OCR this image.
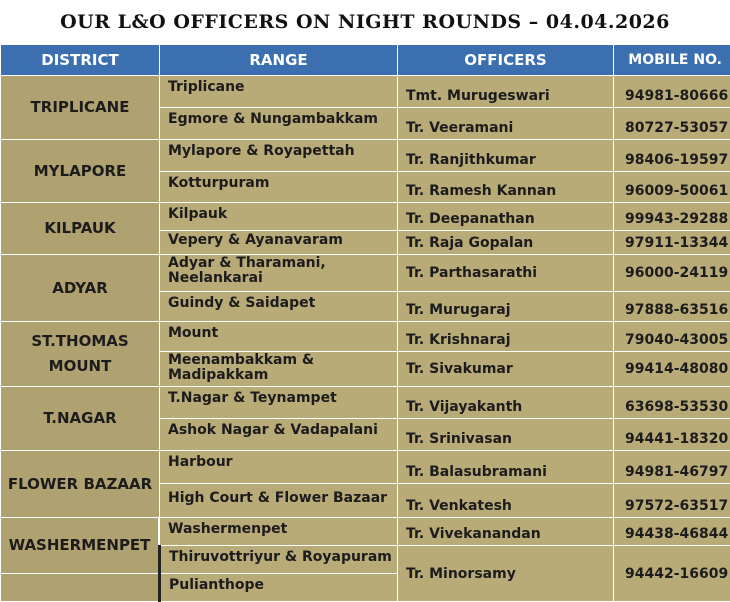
OUR L&O OFFICERS ON NIGHT ROUNDS – 04.04.2026
DISTRICT	RANGE	OFFICERS	MOBILE NO.
TRIPLICANE	Triplicane	Tmt. Murugeswari	94981-80666
	Egmore & Nungambakkam	Tr. Veeramani	80727-53057
MYLAPORE	Mylapore & Royapettah	Tr. Ranjithkumar	98406-19597
	Kotturpuram	Tr. Ramesh Kannan	96009-50061
KILPAUK	Kilpauk	Tr. Deepanathan	99943-29288
	Vepery & Ayanavaram	Tr. Raja Gopalan	97911-13344
ADYAR	Adyar & Tharamani, Neelankarai	Tr. Parthasarathi	96000-24119
	Guindy & Saidapet	Tr. Murugaraj	97888-63516
ST.THOMAS MOUNT	Mount	Tr. Krishnaraj	79040-43005
	Meenambakkam & Madipakkam	Tr. Sivakumar	99414-48080
T.NAGAR	T.Nagar & Teynampet	Tr. Vijayakanth	63698-53530
	Ashok Nagar & Vadapalani	Tr. Srinivasan	94441-18320
FLOWER BAZAAR	Harbour	Tr. Balasubramani	94981-46797
	High Court & Flower Bazaar	Tr. Venkatesh	97572-63517
WASHERMENPET	Washermenpet	Tr. Vivekanandan	94438-46844
	Thiruvottriyur & Royapuram	Tr. Minorsamy	94442-16609
	Pulianthope		
